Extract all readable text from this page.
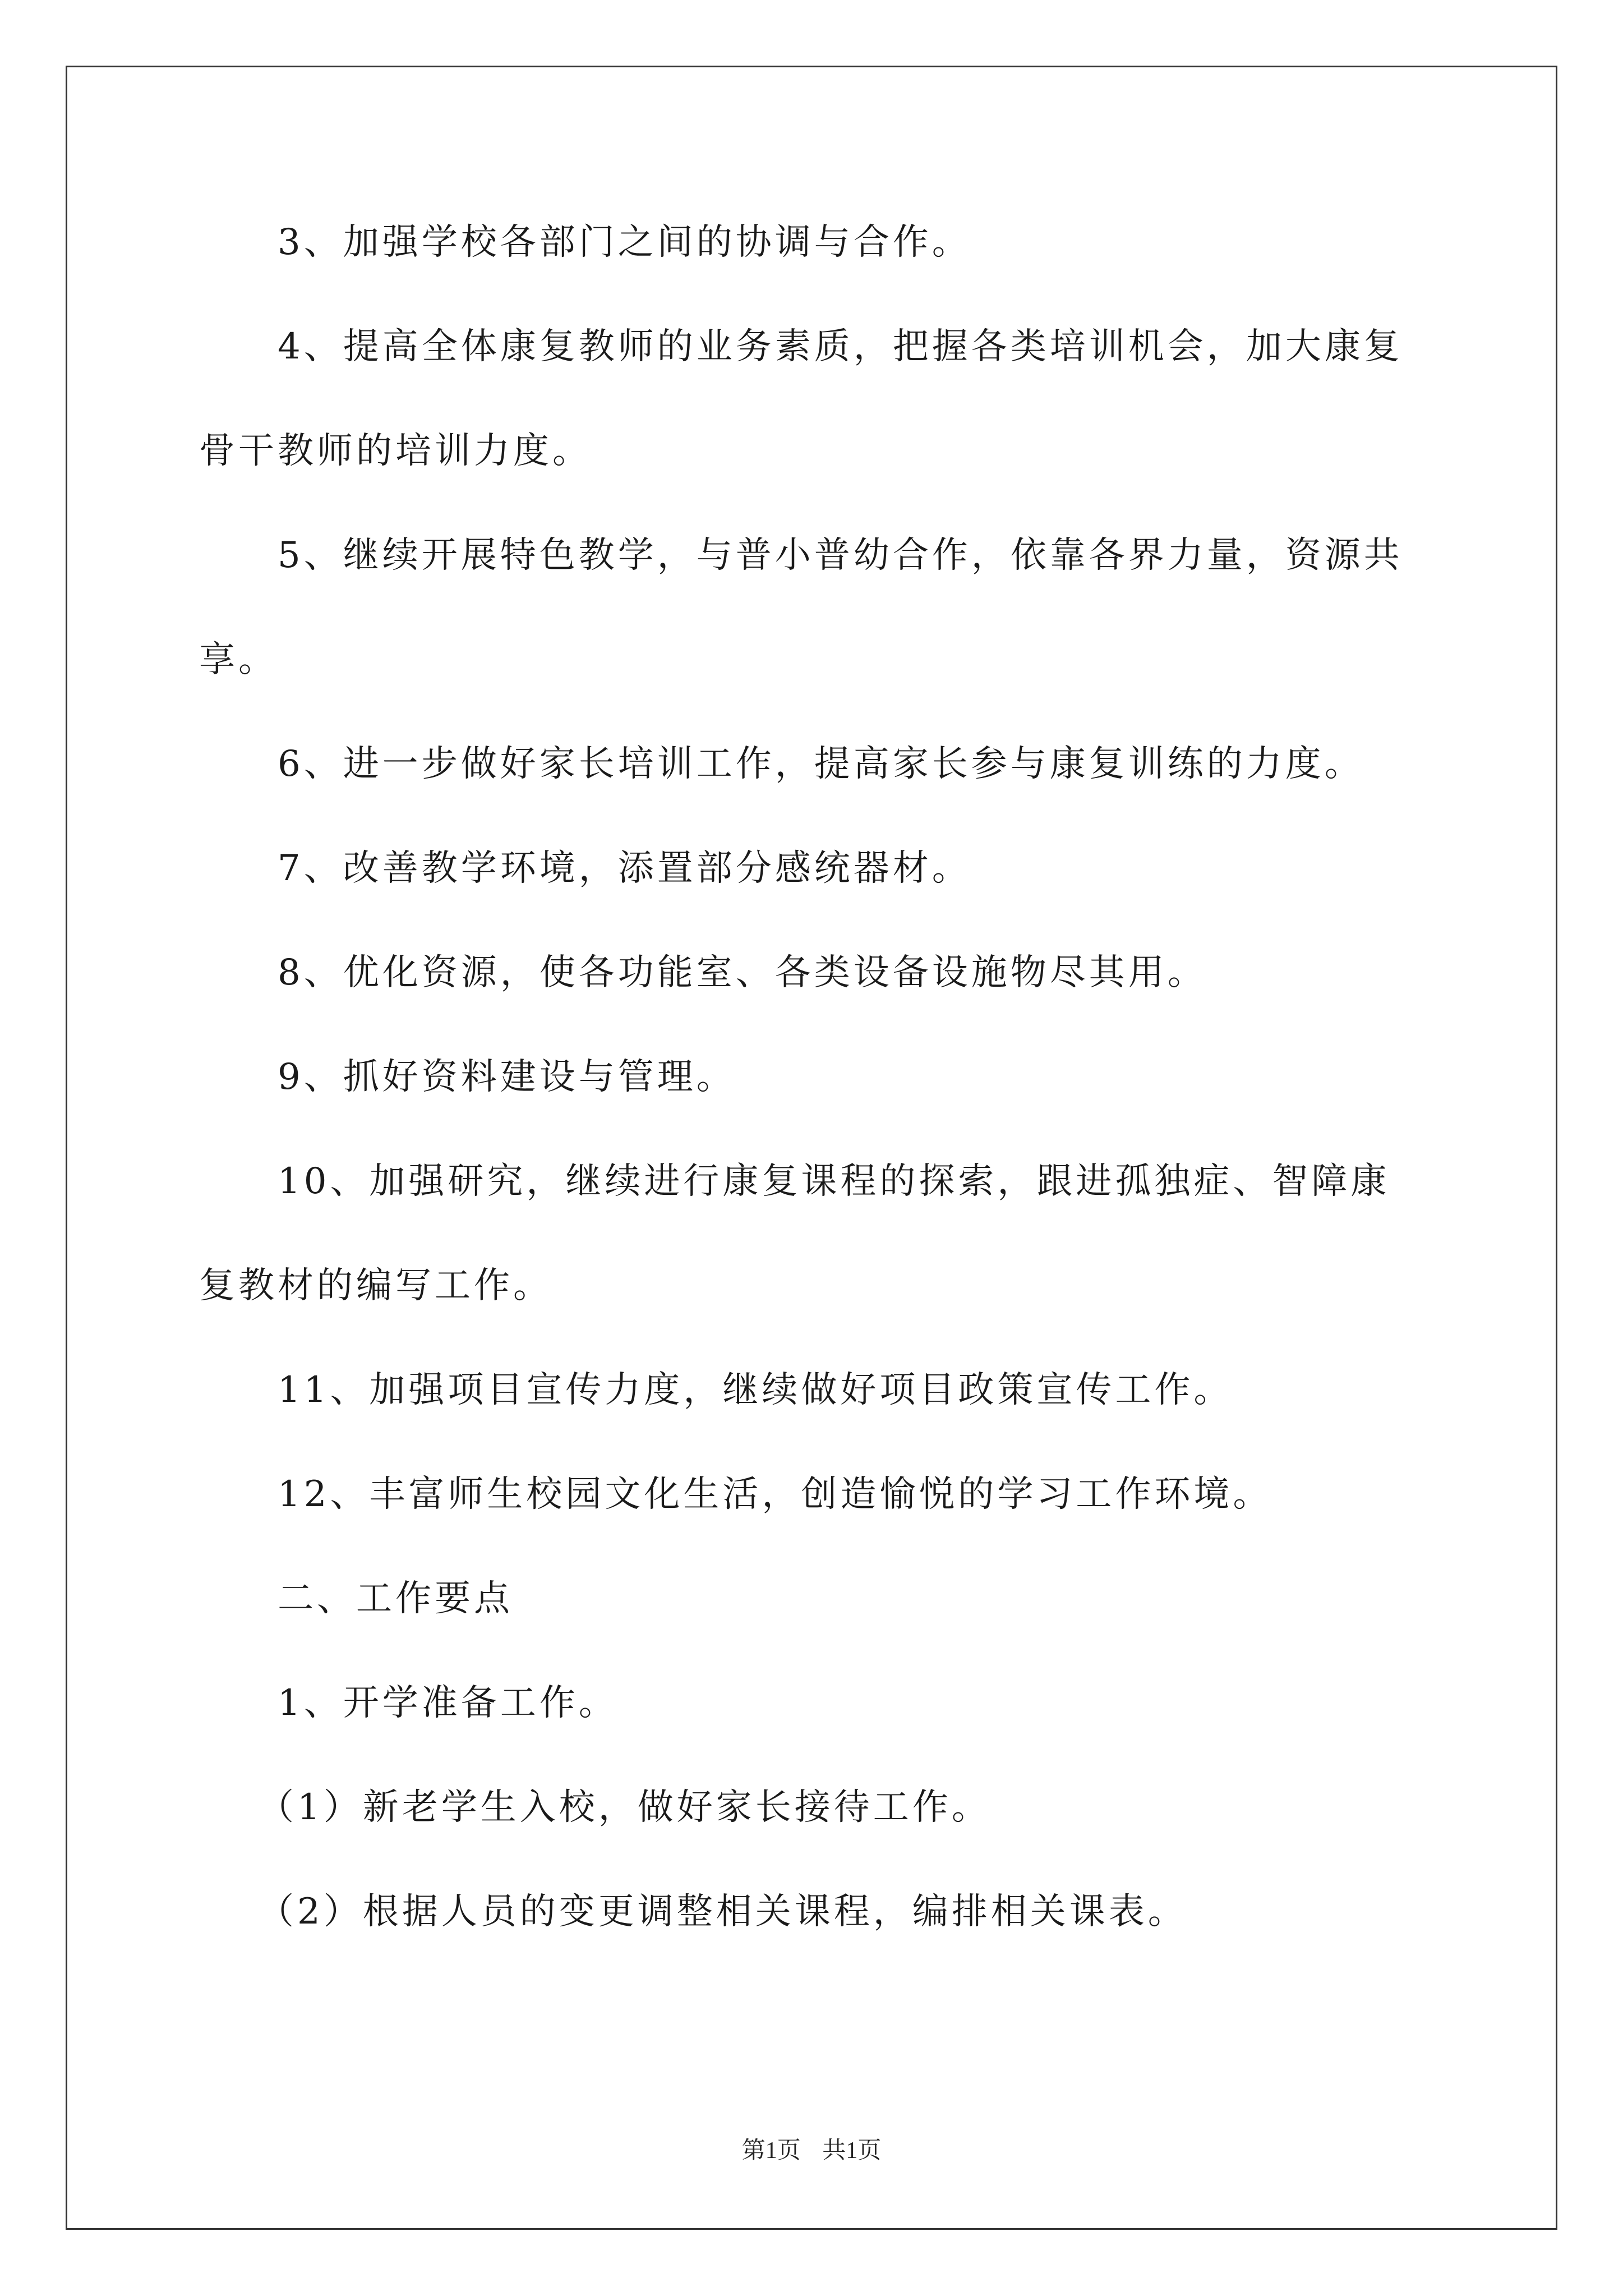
3、加强学校各部门之间的协调与合作。
4、提高全体康复教师的业务素质，把握各类培训机会，加大康复
骨干教师的培训力度。
5、继续开展特色教学，与普小普幼合作，依靠各界力量，资源共
享。
6、进一步做好家长培训工作，提高家长参与康复训练的力度。
7、改善教学环境，添置部分感统器材。
8、优化资源，使各功能室、各类设备设施物尽其用。
9、抓好资料建设与管理。
10、加强研究，继续进行康复课程的探索，跟进孤独症、智障康
复教材的编写工作。
11、加强项目宣传力度，继续做好项目政策宣传工作。
12、丰富师生校园文化生活，创造愉悦的学习工作环境。
二、工作要点
1、开学准备工作。
（1）新老学生入校，做好家长接待工作。
（2）根据人员的变更调整相关课程，编排相关课表。
第1页 共1页
